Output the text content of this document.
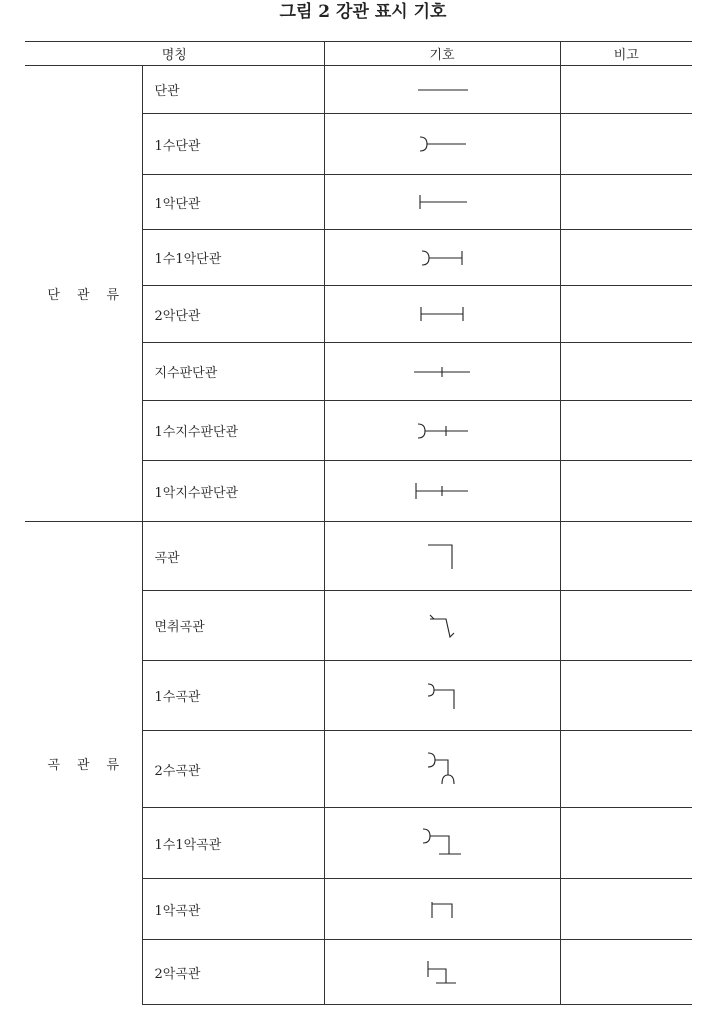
그림 2 강관 표시 기호
명칭		기호	비고
단관류	단관	

	1수단관	

	1악단관	

	1수1악단관	

	2악단관	

	지수판단관	

	1수지수판단관	

	1악지수판단관	

곡관류	곡관	

	면취곡관	

	1수곡관	

	2수곡관	

	1수1악곡관	

	1악곡관	

	2악곡관	
